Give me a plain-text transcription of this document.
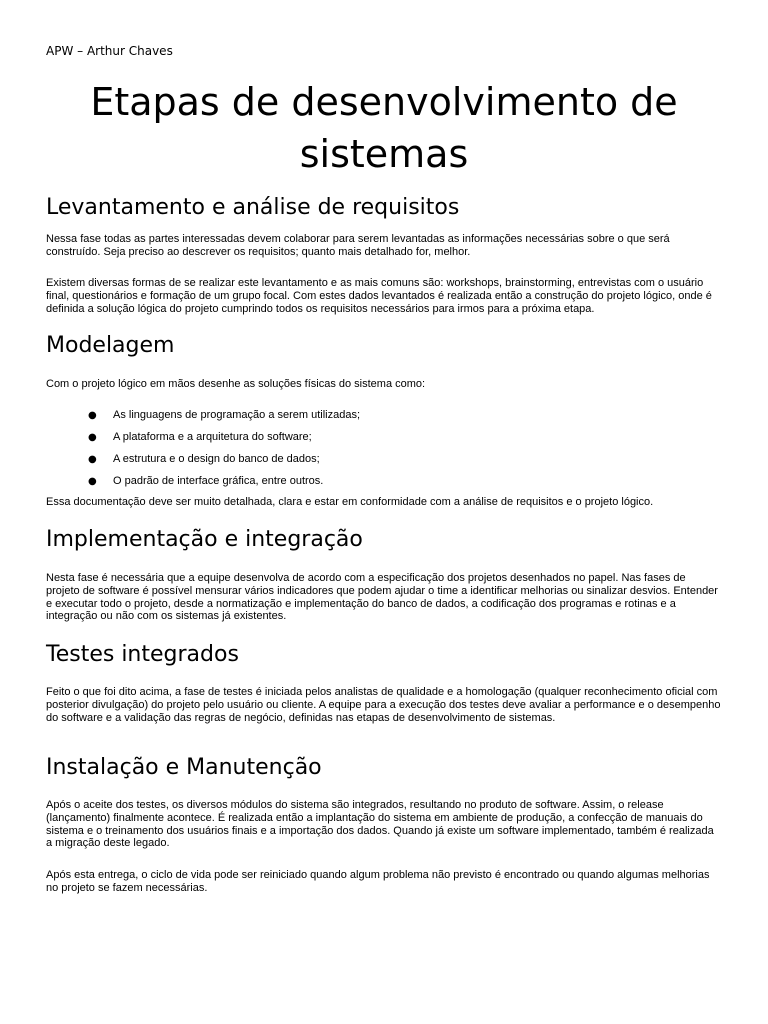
APW – Arthur Chaves
Etapas de desenvolvimento de sistemas
Levantamento e análise de requisitos

Nessa fase todas as partes interessadas devem colaborar para serem levantadas as informações necessárias sobre o que será construído. Seja preciso ao descrever os requisitos; quanto mais detalhado for, melhor.

Existem diversas formas de se realizar este levantamento e as mais comuns são: workshops, brainstorming, entrevistas com o usuário final, questionários e formação de um grupo focal. Com estes dados levantados é realizada então a construção do projeto lógico, onde é definida a solução lógica do projeto cumprindo todos os requisitos necessários para irmos para a próxima etapa.

Modelagem

Com o projeto lógico em mãos desenhe as soluções físicas do sistema como:

● As linguagens de programação a serem utilizadas;
● A plataforma e a arquitetura do software;
● A estrutura e o design do banco de dados;
● O padrão de interface gráfica, entre outros.

Essa documentação deve ser muito detalhada, clara e estar em conformidade com a análise de requisitos e o projeto lógico.

Implementação e integração

Nesta fase é necessária que a equipe desenvolva de acordo com a especificação dos projetos desenhados no papel. Nas fases de projeto de software é possível mensurar vários indicadores que podem ajudar o time a identificar melhorias ou sinalizar desvios. Entender e executar todo o projeto, desde a normatização e implementação do banco de dados, a codificação dos programas e rotinas e a integração ou não com os sistemas já existentes.

Testes integrados

Feito o que foi dito acima, a fase de testes é iniciada pelos analistas de qualidade e a homologação (qualquer reconhecimento oficial com posterior divulgação) do projeto pelo usuário ou cliente. A equipe para a execução dos testes deve avaliar a performance e o desempenho do software e a validação das regras de negócio, definidas nas etapas de desenvolvimento de sistemas.

Instalação e Manutenção

Após o aceite dos testes, os diversos módulos do sistema são integrados, resultando no produto de software. Assim, o release (lançamento) finalmente acontece. É realizada então a implantação do sistema em ambiente de produção, a confecção de manuais do sistema e o treinamento dos usuários finais e a importação dos dados. Quando já existe um software implementado, também é realizada a migração deste legado.

Após esta entrega, o ciclo de vida pode ser reiniciado quando algum problema não previsto é encontrado ou quando algumas melhorias no projeto se fazem necessárias.
